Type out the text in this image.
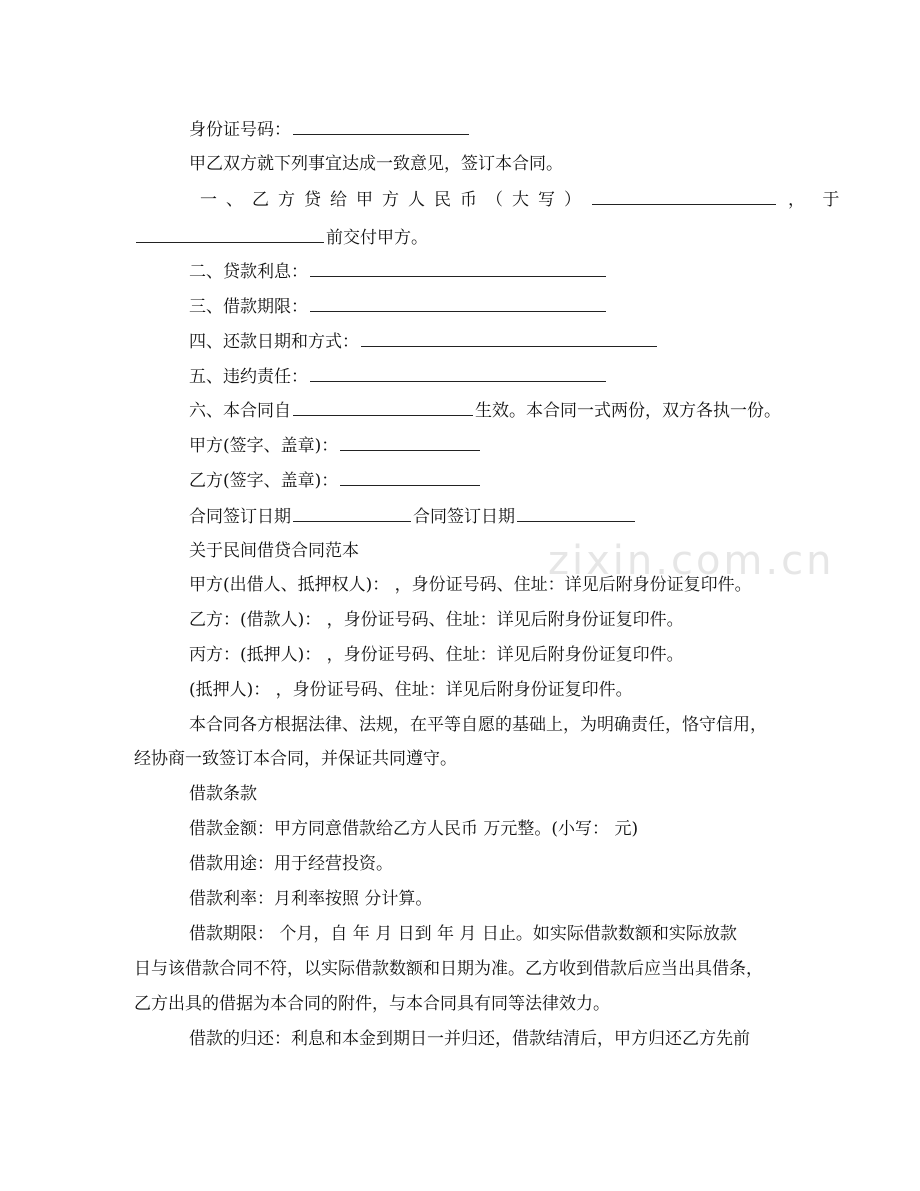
zixin.com.cn
身份证号码：
甲乙双方就下列事宜达成一致意见，签订本合同。
一、乙方贷给甲方人民币（大写）	， 于
前交付甲方。
二、贷款利息：
三、借款期限：
四、还款日期和方式：
五、违约责任：
六、本合同自	生效。本合同一式两份，双方各执一份。
甲方(签字、盖章)：
乙方(签字、盖章)：
合同签订日期	合同签订日期
关于民间借贷合同范本
甲方(出借人、抵押权人)： ，身份证号码、住址：详见后附身份证复印件。
乙方：(借款人)： ，身份证号码、住址：详见后附身份证复印件。
丙方：(抵押人)： ，身份证号码、住址：详见后附身份证复印件。
(抵押人)： ，身份证号码、住址：详见后附身份证复印件。
本合同各方根据法律、法规，在平等自愿的基础上，为明确责任，恪守信用，
经协商一致签订本合同，并保证共同遵守。
借款条款
借款金额：甲方同意借款给乙方人民币 万元整。(小写： 元)
借款用途：用于经营投资。
借款利率：月利率按照 分计算。
借款期限： 个月，自 年 月 日到 年 月 日止。如实际借款数额和实际放款
日与该借款合同不符，以实际借款数额和日期为准。乙方收到借款后应当出具借条，
乙方出具的借据为本合同的附件，与本合同具有同等法律效力。
借款的归还：利息和本金到期日一并归还，借款结清后，甲方归还乙方先前
